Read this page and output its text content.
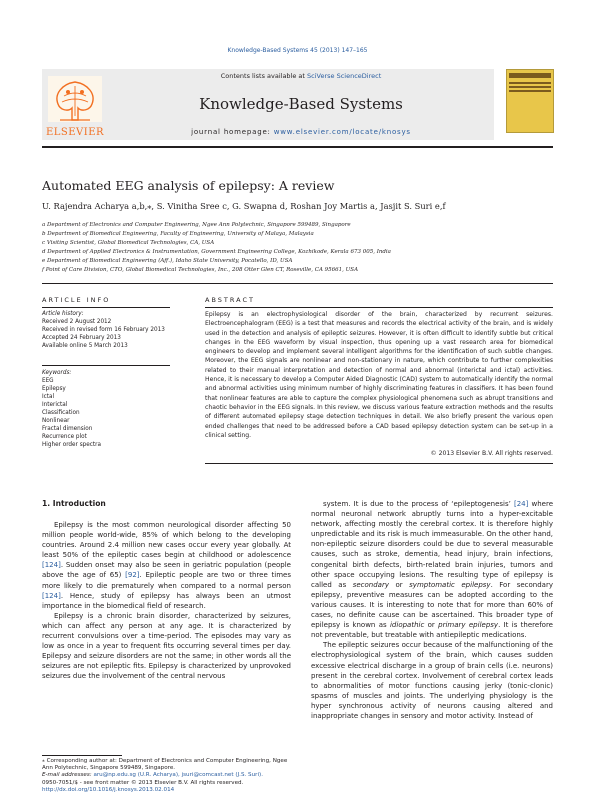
Knowledge-Based Systems 45 (2013) 147–165
ELSEVIER
Contents lists available at SciVerse ScienceDirect
Knowledge-Based Systems
journal homepage: www.elsevier.com/locate/knosys
Automated EEG analysis of epilepsy: A review
U. Rajendra Acharya a,b,⁎, S. Vinitha Sree c, G. Swapna d, Roshan Joy Martis a, Jasjit S. Suri e,f
a Department of Electronics and Computer Engineering, Ngee Ann Polytechnic, Singapore 599489, Singapore
b Department of Biomedical Engineering, Faculty of Engineering, University of Malaya, Malaysia
c Visiting Scientist, Global Biomedical Technologies, CA, USA
d Department of Applied Electronics & Instrumentation, Government Engineering College, Kozhikode, Kerala 673 005, India
e Department of Biomedical Engineering (Aff.), Idaho State University, Pocatello, ID, USA
f Point of Care Division, CTO, Global Biomedical Technologies, Inc., 208 Otter Glen CT, Roseville, CA 95661, USA
ARTICLE INFO
Article history:
Received 2 August 2012
Received in revised form 16 February 2013
Accepted 24 February 2013
Available online 5 March 2013
Keywords:
EEG
Epilepsy
Ictal
Interictal
Classification
Nonlinear
Fractal dimension
Recurrence plot
Higher order spectra
ABSTRACT
Epilepsy is an electrophysiological disorder of the brain, characterized by recurrent seizures. Electroencephalogram (EEG) is a test that measures and records the electrical activity of the brain, and is widely used in the detection and analysis of epileptic seizures. However, it is often difficult to identify subtle but critical changes in the EEG waveform by visual inspection, thus opening up a vast research area for biomedical engineers to develop and implement several intelligent algorithms for the identification of such subtle changes. Moreover, the EEG signals are nonlinear and non-stationary in nature, which contribute to further complexities related to their manual interpretation and detection of normal and abnormal (interictal and ictal) activities. Hence, it is necessary to develop a Computer Aided Diagnostic (CAD) system to automatically identify the normal and abnormal activities using minimum number of highly discriminating features in classifiers. It has been found that nonlinear features are able to capture the complex physiological phenomena such as abrupt transitions and chaotic behavior in the EEG signals. In this review, we discuss various feature extraction methods and the results of different automated epilepsy stage detection techniques in detail. We also briefly present the various open ended challenges that need to be addressed before a CAD based epilepsy detection system can be set-up in a clinical setting.
© 2013 Elsevier B.V. All rights reserved.
1. Introduction

Epilepsy is the most common neurological disorder affecting 50 million people world-wide, 85% of which belong to the developing countries. Around 2.4 million new cases occur every year globally. At least 50% of the epileptic cases begin at childhood or adolescence [124]. Sudden onset may also be seen in geriatric population (people above the age of 65) [92]. Epileptic people are two or three times more likely to die prematurely when compared to a normal person [124]. Hence, study of epilepsy has always been an utmost importance in the biomedical field of research.

Epilepsy is a chronic brain disorder, characterized by seizures, which can affect any person at any age. It is characterized by recurrent convulsions over a time-period. The episodes may vary as low as once in a year to frequent fits occurring several times per day. Epilepsy and seizure disorders are not the same; in other words all the seizures are not epileptic fits. Epilepsy is characterized by unprovoked seizures due the involvement of the central nervous

system. It is due to the process of ‘epileptogenesis’ [24] where normal neuronal network abruptly turns into a hyper-excitable network, affecting mostly the cerebral cortex. It is therefore highly unpredictable and its risk is much immeasurable. On the other hand, non-epileptic seizure disorders could be due to several measurable causes, such as stroke, dementia, head injury, brain infections, congenital birth defects, birth-related brain injuries, tumors and other space occupying lesions. The resulting type of epilepsy is called as secondary or symptomatic epilepsy. For secondary epilepsy, preventive measures can be adopted according to the various causes. It is interesting to note that for more than 60% of cases, no definite cause can be ascertained. This broader type of epilepsy is known as idiopathic or primary epilepsy. It is therefore not preventable, but treatable with antiepileptic medications.

The epileptic seizures occur because of the malfunctioning of the electrophysiological system of the brain, which causes sudden excessive electrical discharge in a group of brain cells (i.e. neurons) present in the cerebral cortex. Involvement of cerebral cortex leads to abnormalities of motor functions causing jerky (tonic-clonic) spasms of muscles and joints. The underlying physiology is the hyper synchronous activity of neurons causing altered and inappropriate changes in sensory and motor activity. Instead of

⁎ Corresponding author at: Department of Electronics and Computer Engineering, Ngee Ann Polytechnic, Singapore 599489, Singapore.
E-mail addresses: aru@np.edu.sg (U.R. Acharya), jsuri@comcast.net (J.S. Suri).
0950-7051/$ - see front matter © 2013 Elsevier B.V. All rights reserved.
http://dx.doi.org/10.1016/j.knosys.2013.02.014
